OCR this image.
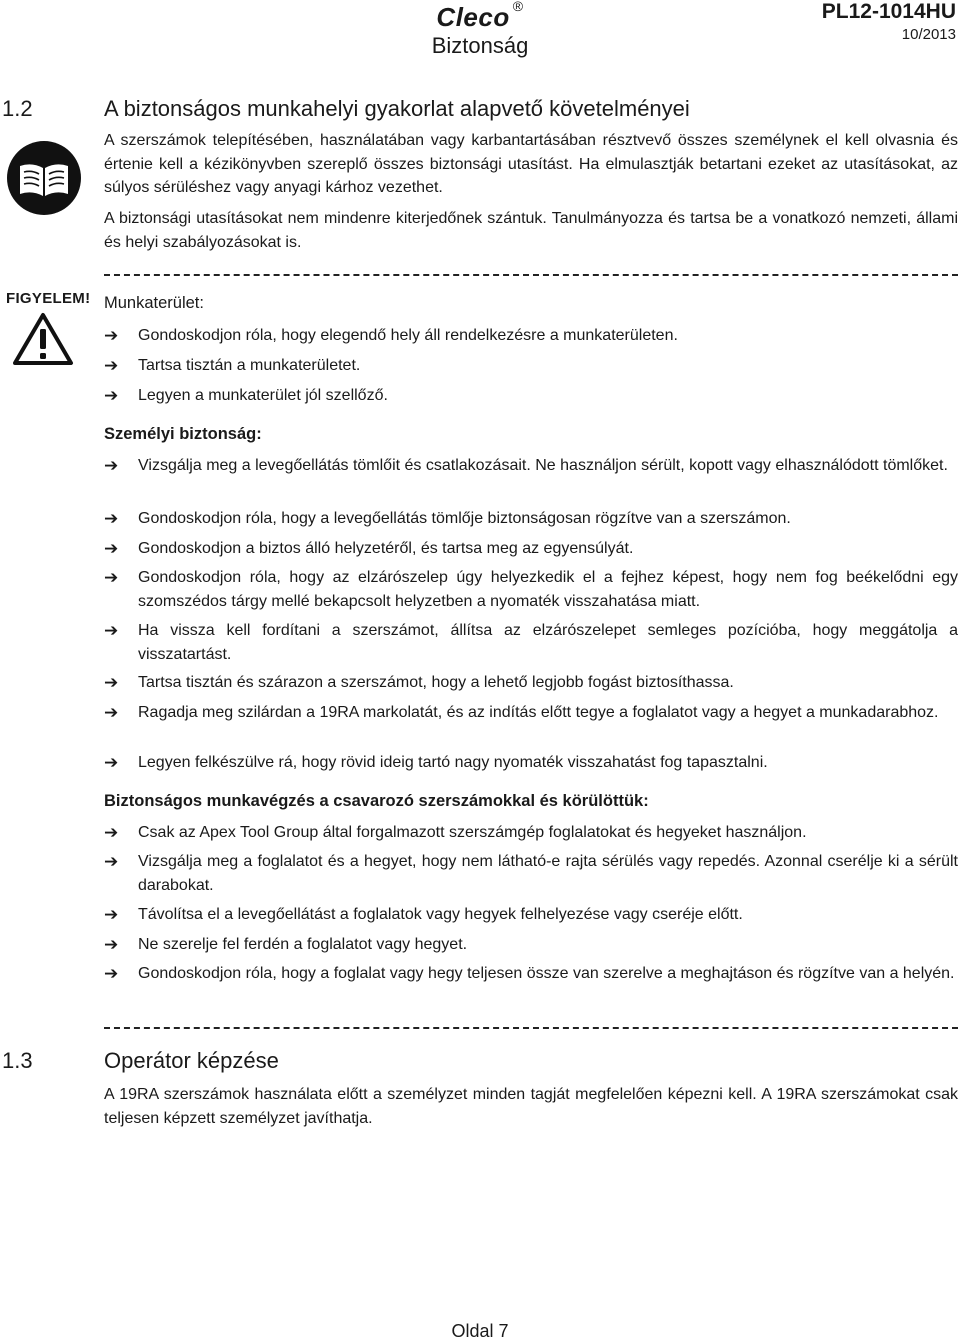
Cleco ®
Biztonság
PL12-1014HU
10/2013
1.2	A biztonságos munkahelyi gyakorlat alapvető követelményei
A szerszámok telepítésében, használatában vagy karbantartásában résztvevő összes személynek el kell olvasnia és értenie kell a kézikönyvben szereplő összes biztonsági utasítást. Ha elmulasztják betartani ezeket az utasításokat, az súlyos sérüléshez vagy anyagi kárhoz vezethet.
A biztonsági utasításokat nem mindenre kiterjedőnek szántuk. Tanulmányozza és tartsa be a vonatkozó nemzeti, állami és helyi szabályozásokat is.
FIGYELEM! Munkaterület:
➔	Gondoskodjon róla, hogy elegendő hely áll rendelkezésre a munkaterületen.
➔	Tartsa tisztán a munkaterületet.
➔	Legyen a munkaterület jól szellőző.
Személyi biztonság:
➔	Vizsgálja meg a levegőellátás tömlőit és csatlakozásait. Ne használjon sérült, kopott vagy elhasználódott tömlőket.
➔	Gondoskodjon róla, hogy a levegőellátás tömlője biztonságosan rögzítve van a szerszámon.
➔	Gondoskodjon a biztos álló helyzetéről, és tartsa meg az egyensúlyát.
➔	Gondoskodjon róla, hogy az elzárószelep úgy helyezkedik el a fejhez képest, hogy nem fog beékelődni egy szomszédos tárgy mellé bekapcsolt helyzetben a nyomaték visszahatása miatt.
➔	Ha vissza kell fordítani a szerszámot, állítsa az elzárószelepet semleges pozícióba, hogy meggátolja a visszatartást.
➔	Tartsa tisztán és szárazon a szerszámot, hogy a lehető legjobb fogást biztosíthassa.
➔	Ragadja meg szilárdan a 19RA markolatát, és az indítás előtt tegye a foglalatot vagy a hegyet a munkadarabhoz.
➔	Legyen felkészülve rá, hogy rövid ideig tartó nagy nyomaték visszahatást fog tapasztalni.
Biztonságos munkavégzés a csavarozó szerszámokkal és körülöttük:
➔	Csak az Apex Tool Group által forgalmazott szerszámgép foglalatokat és hegyeket használjon.
➔	Vizsgálja meg a foglalatot és a hegyet, hogy nem látható-e rajta sérülés vagy repedés. Azonnal cserélje ki a sérült darabokat.
➔	Távolítsa el a levegőellátást a foglalatok vagy hegyek felhelyezése vagy cseréje előtt.
➔	Ne szerelje fel ferdén a foglalatot vagy hegyet.
➔	Gondoskodjon róla, hogy a foglalat vagy hegy teljesen össze van szerelve a meghajtáson és rögzítve van a helyén.
1.3	Operátor képzése
A 19RA szerszámok használata előtt a személyzet minden tagját megfelelően képezni kell. A 19RA szerszámokat csak teljesen képzett személyzet javíthatja.
Oldal 7
